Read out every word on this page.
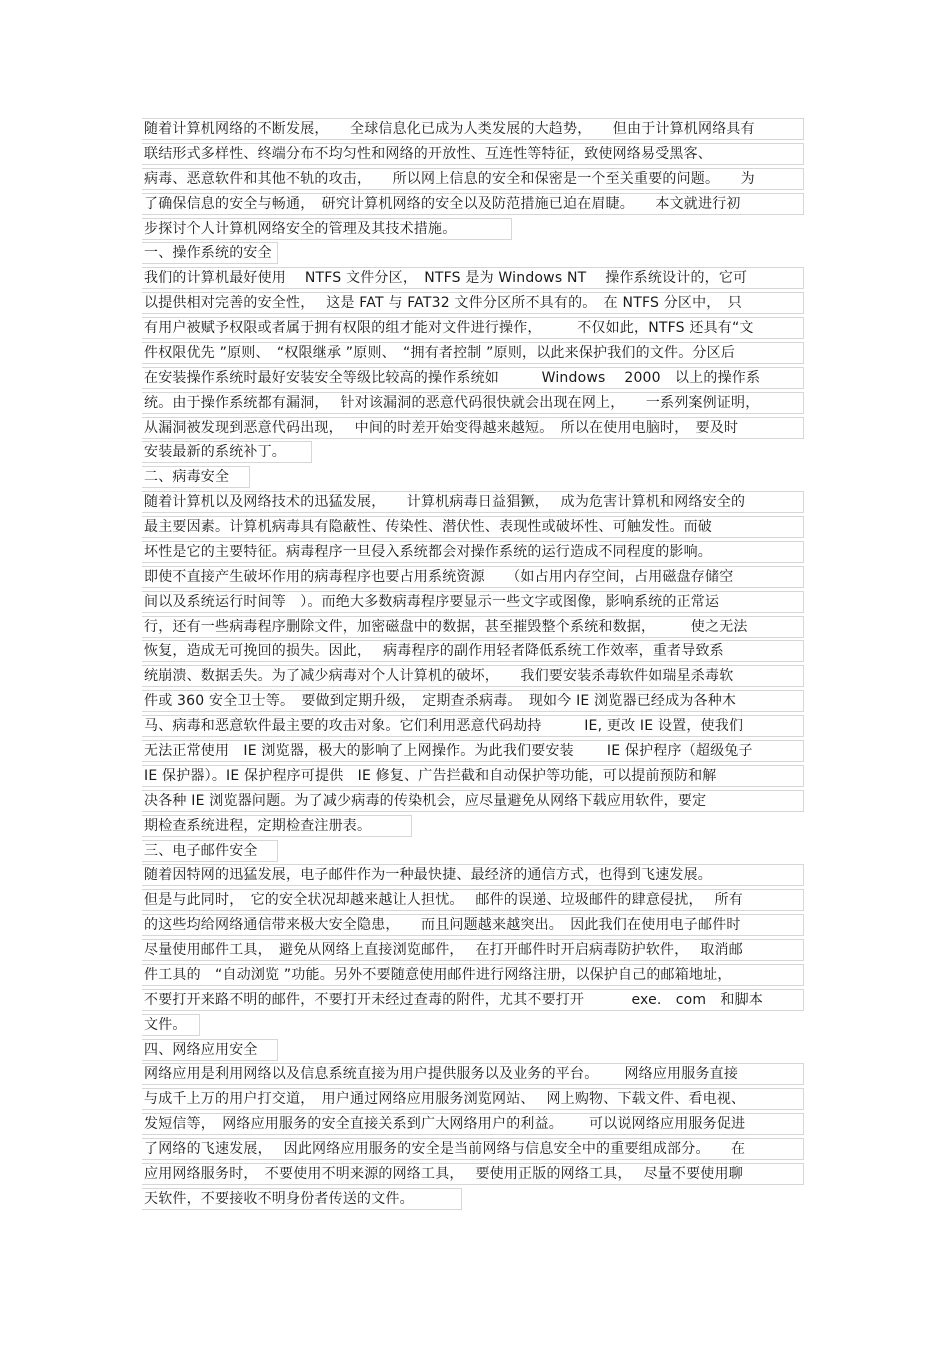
随着计算机网络的不断发展，　　全球信息化已成为人类发展的大趋势，　　但由于计算机网络具有
联结形式多样性、终端分布不均匀性和网络的开放性、互连性等特征，致使网络易受黑客、
病毒、恶意软件和其他不轨的攻击，　　所以网上信息的安全和保密是一个至关重要的问题。　　为
了确保信息的安全与畅通，　研究计算机网络的安全以及防范措施已迫在眉睫。　　本文就进行初
步探讨个人计算机网络安全的管理及其技术措施。
一、操作系统的安全
我们的计算机最好使用　 NTFS 文件分区，　NTFS 是为 Windows NT　 操作系统设计的，它可
以提供相对完善的安全性，　 这是 FAT 与 FAT32 文件分区所不具有的。　在 NTFS 分区中，　只
有用户被赋予权限或者属于拥有权限的组才能对文件进行操作，　　　不仅如此，NTFS 还具有“文
件权限优先 ”原则、　“权限继承 ”原则、　“拥有者控制 ”原则，以此来保护我们的文件。分区后
在安装操作系统时最好安装安全等级比较高的操作系统如　　　Windows　 2000　以上的操作系
统。由于操作系统都有漏洞，　 针对该漏洞的恶意代码很快就会出现在网上，　　一系列案例证明，
从漏洞被发现到恶意代码出现，　 中间的时差开始变得越来越短。　所以在使用电脑时，　要及时
安装最新的系统补丁。
二、病毒安全
随着计算机以及网络技术的迅猛发展，　　计算机病毒日益猖獗，　 成为危害计算机和网络安全的
最主要因素。计算机病毒具有隐蔽性、传染性、潜伏性、表现性或破坏性、可触发性。而破
坏性是它的主要特征。病毒程序一旦侵入系统都会对操作系统的运行造成不同程度的影响。
即使不直接产生破坏作用的病毒程序也要占用系统资源　　（如占用内存空间，占用磁盘存储空
间以及系统运行时间等　）。而绝大多数病毒程序要显示一些文字或图像，影响系统的正常运
行，还有一些病毒程序删除文件，加密磁盘中的数据，甚至摧毁整个系统和数据，　　　使之无法
恢复，造成无可挽回的损失。因此，　 病毒程序的副作用轻者降低系统工作效率，重者导致系
统崩溃、数据丢失。为了减少病毒对个人计算机的破坏，　　我们要安装杀毒软件如瑞星杀毒软
件或 360 安全卫士等。　要做到定期升级，　定期查杀病毒。　现如今 IE 浏览器已经成为各种木
马、病毒和恶意软件最主要的攻击对象。它们利用恶意代码劫持　　　IE, 更改 IE 设置，使我们
无法正常使用　IE 浏览器，极大的影响了上网操作。为此我们要安装　　 IE 保护程序（超级兔子
IE 保护器）。IE 保护程序可提供　IE 修复、广告拦截和自动保护等功能，可以提前预防和解
决各种 IE 浏览器问题。为了减少病毒的传染机会，应尽量避免从网络下载应用软件，要定
期检查系统进程，定期检查注册表。
三、电子邮件安全
随着因特网的迅猛发展，电子邮件作为一种最快捷、最经济的通信方式，也得到飞速发展。
但是与此同时，　它的安全状况却越来越让人担忧。　 邮件的误递、垃圾邮件的肆意侵扰，　 所有
的这些均给网络通信带来极大安全隐患，　　而且问题越来越突出。　因此我们在使用电子邮件时
尽量使用邮件工具，　避免从网络上直接浏览邮件，　 在打开邮件时开启病毒防护软件，　 取消邮
件工具的　“自动浏览 ”功能。另外不要随意使用邮件进行网络注册，以保护自己的邮箱地址，
不要打开来路不明的邮件，不要打开未经过查毒的附件，尤其不要打开　　　 exe.　com　和脚本
文件。
四、网络应用安全
网络应用是利用网络以及信息系统直接为用户提供服务以及业务的平台。　　 网络应用服务直接
与成千上万的用户打交道，　用户通过网络应用服务浏览网站、　 网上购物、下载文件、看电视、
发短信等，　网络应用服务的安全直接关系到广大网络用户的利益。　　 可以说网络应用服务促进
了网络的飞速发展，　 因此网络应用服务的安全是当前网络与信息安全中的重要组成部分。　　在
应用网络服务时，　不要使用不明来源的网络工具，　 要使用正版的网络工具，　 尽量不要使用聊
天软件，不要接收不明身份者传送的文件。
